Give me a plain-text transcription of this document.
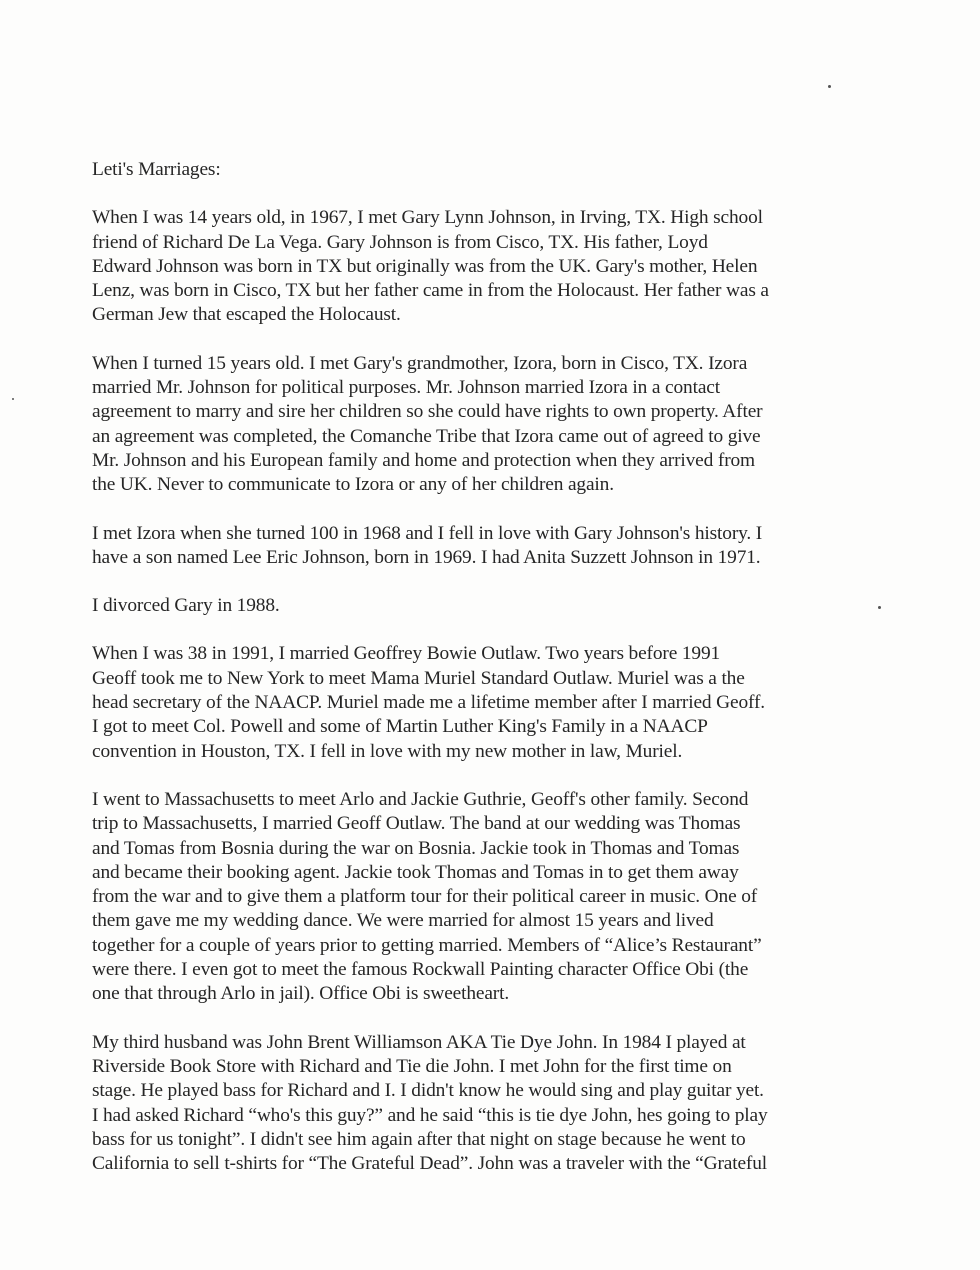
Leti's Marriages:
When I was 14 years old, in 1967, I met Gary Lynn Johnson, in Irving, TX. High school
friend of Richard De La Vega. Gary Johnson is from Cisco, TX. His father, Loyd
Edward Johnson was born in TX but originally was from the UK. Gary's mother, Helen
Lenz, was born in Cisco, TX but her father came in from the Holocaust. Her father was a
German Jew that escaped the Holocaust.
When I turned 15 years old. I met Gary's grandmother, Izora, born in Cisco, TX. Izora
married Mr. Johnson for political purposes. Mr. Johnson married Izora in a contact
agreement to marry and sire her children so she could have rights to own property. After
an agreement was completed, the Comanche Tribe that Izora came out of agreed to give
Mr. Johnson and his European family and home and protection when they arrived from
the UK. Never to communicate to Izora or any of her children again.
I met Izora when she turned 100 in 1968 and I fell in love with Gary Johnson's history. I
have a son named Lee Eric Johnson, born in 1969. I had Anita Suzzett Johnson in 1971.
I divorced Gary in 1988.
When I was 38 in 1991, I married Geoffrey Bowie Outlaw. Two years before 1991
Geoff took me to New York to meet Mama Muriel Standard Outlaw. Muriel was a the
head secretary of the NAACP. Muriel made me a lifetime member after I married Geoff.
I got to meet Col. Powell and some of Martin Luther King's Family in a NAACP
convention in Houston, TX. I fell in love with my new mother in law, Muriel.
I went to Massachusetts to meet Arlo and Jackie Guthrie, Geoff's other family. Second
trip to Massachusetts, I married Geoff Outlaw. The band at our wedding was Thomas
and Tomas from Bosnia during the war on Bosnia. Jackie took in Thomas and Tomas
and became their booking agent. Jackie took Thomas and Tomas in to get them away
from the war and to give them a platform tour for their political career in music. One of
them gave me my wedding dance. We were married for almost 15 years and lived
together for a couple of years prior to getting married. Members of “Alice’s Restaurant”
were there. I even got to meet the famous Rockwall Painting character Office Obi (the
one that through Arlo in jail). Office Obi is sweetheart.
My third husband was John Brent Williamson AKA Tie Dye John. In 1984 I played at
Riverside Book Store with Richard and Tie die John. I met John for the first time on
stage. He played bass for Richard and I. I didn't know he would sing and play guitar yet.
I had asked Richard “who's this guy?” and he said “this is tie dye John, hes going to play
bass for us tonight”. I didn't see him again after that night on stage because he went to
California to sell t-shirts for “The Grateful Dead”. John was a traveler with the “Grateful
